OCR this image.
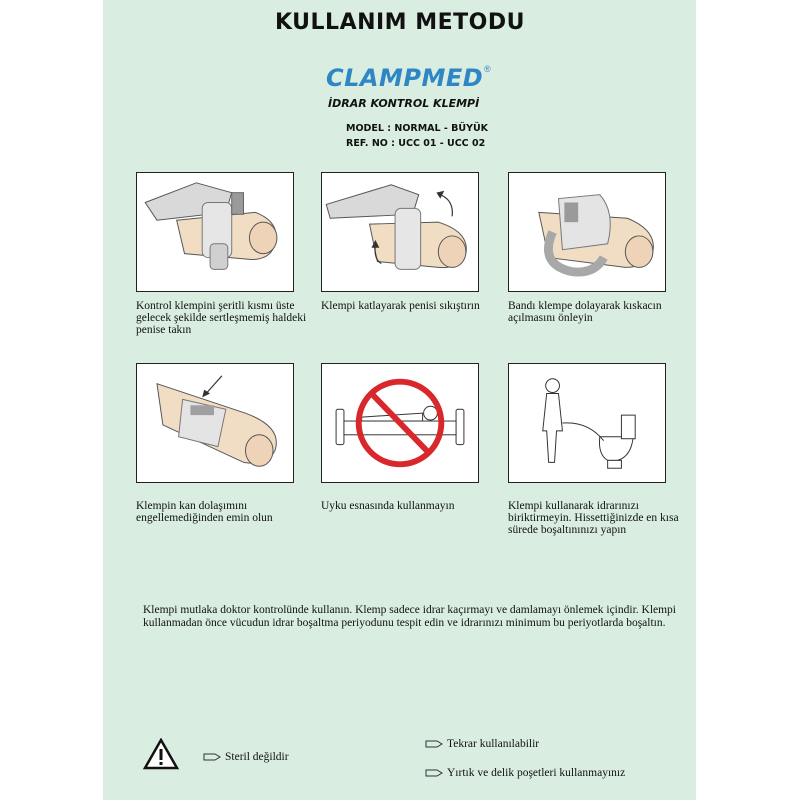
KULLANIM METODU
CLAMPMED ®
İDRAR KONTROL KLEMPİ
MODEL : NORMAL - BÜYÜK
REF. NO : UCC 01 - UCC 02
Kontrol klempini şeritli kısmı üste gelecek şekilde sertleşmemiş haldeki penise takın
Klempi katlayarak penisi sıkıştırın Bandı klempe dolayarak kıskacın açılmasını önleyin
Klempin kan dolaşımını engellemediğinden emin olun
Uyku esnasında kullanmayın	Klempi kullanarak idrarınızı biriktirmeyin. Hissettiğinizde en kısa sürede boşaltınınızı yapın
Klempi mutlaka doktor kontrolünde kullanın. Klemp sadece idrar kaçırmayı ve damlamayı önlemek içindir. Klempi kullanmadan önce vücudun idrar boşaltma periyodunu tespit edin ve idrarınızı minimum bu periyotlarda boşaltın.
Steril değildir
Tekrar kullanılabilir
Yırtık ve delik poşetleri kullanmayınız
